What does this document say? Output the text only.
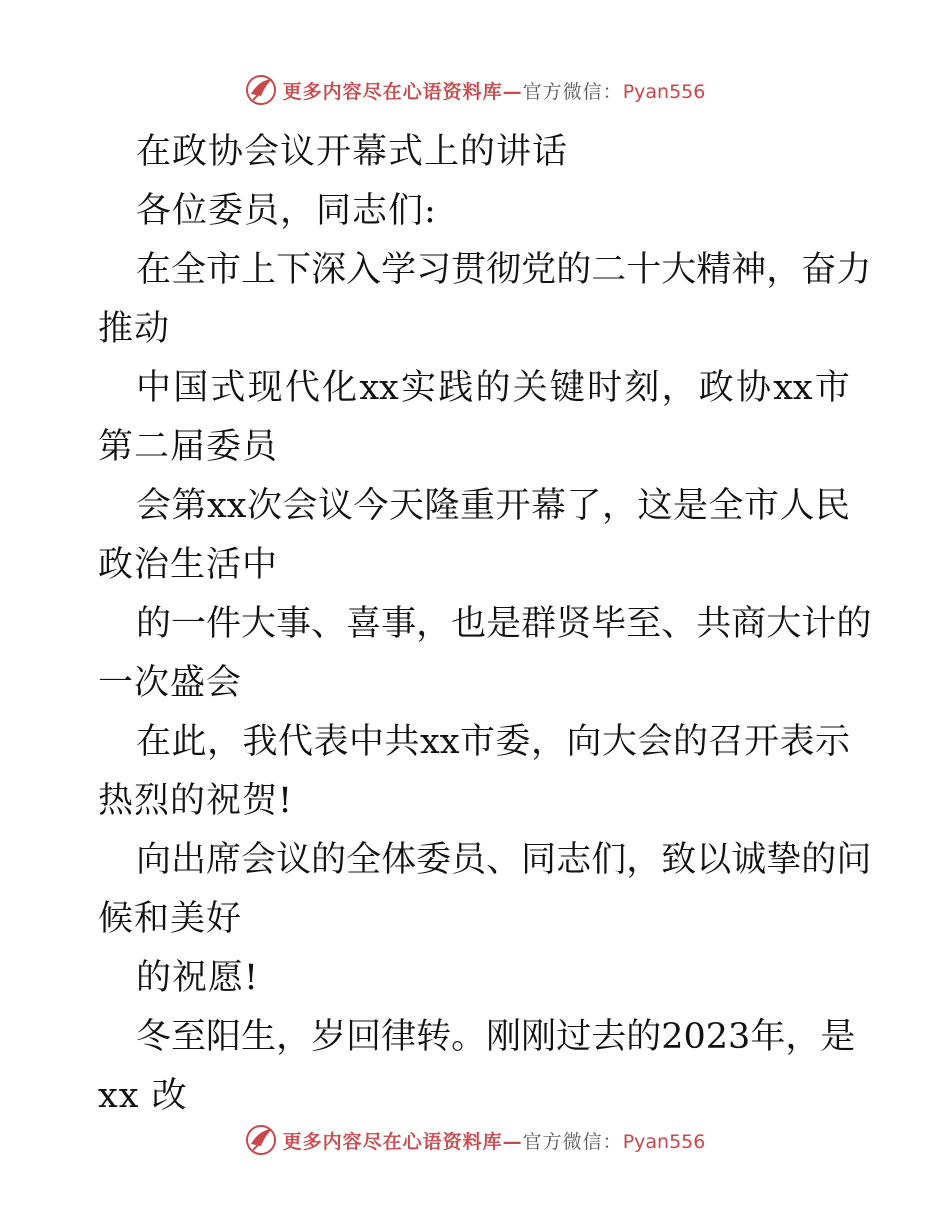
更多内容尽在心语资料库—官方微信：Pyan556
在政协会议开幕式上的讲话
各位委员，同志们:
在 全 市 上 下 深 入 学 习 贯 彻 党 的 二 十 大 精 神 ， 奋 力
推动
中 国 式 现 代 化 xx 实 践 的 关 键 时 刻 ， 政 协 xx 市
第二届委员
会 第 xx 次 会 议 今 天 隆 重 开 幕 了 ， 这 是 全 市 人 民
政治生活中
的 一 件 大 事 、 喜 事 ， 也 是 群 贤 毕 至 、 共 商 大 计 的
一次盛会
在 此 ， 我 代 表 中 共 xx 市 委 ， 向 大 会 的 召 开 表 示
热烈的祝贺!
向 出 席 会 议 的 全 体 委 员 、 同 志 们 ， 致 以 诚 挚 的 问
候和美好
的祝愿!
冬 至 阳 生 ， 岁 回 律 转 。 刚 刚 过 去 的 2023 年 ， 是
xx 改
更多内容尽在心语资料库—官方微信：Pyan556
